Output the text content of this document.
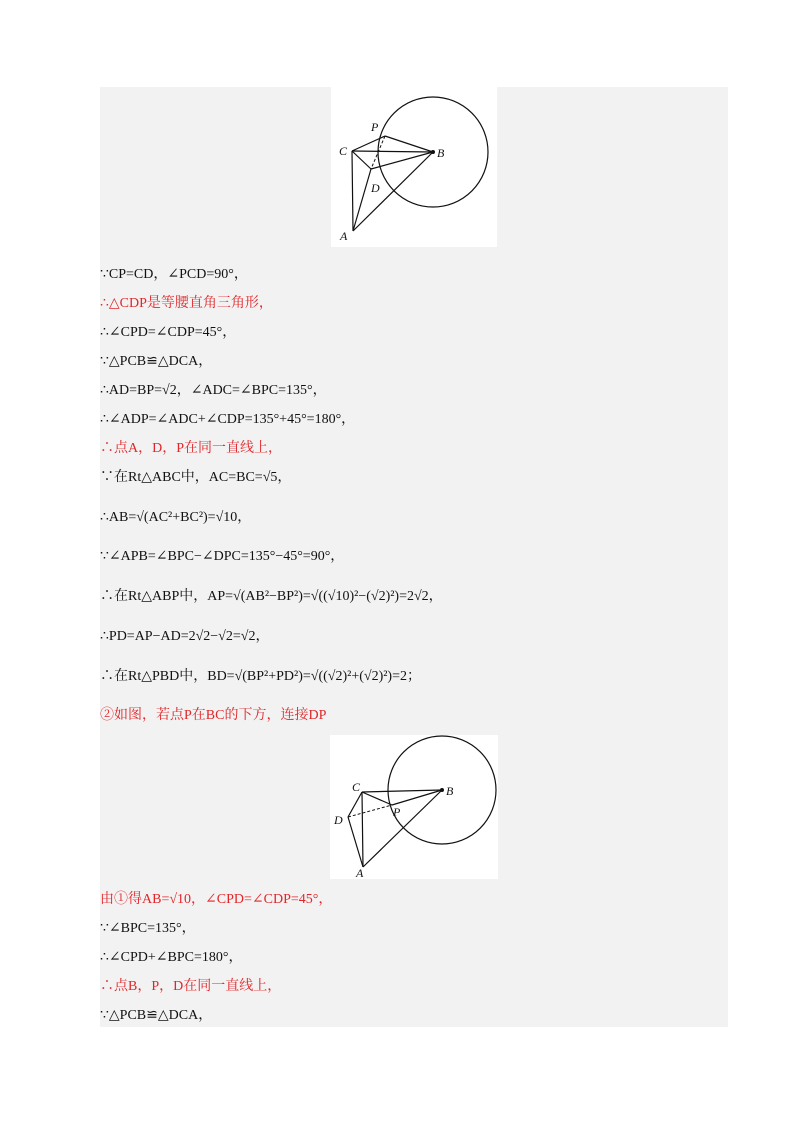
P
C	B
D
A
C	B
D
P
A
∵CP=CD，∠PCD=90°，
∴△CDP是等腰直角三角形，
∴∠CPD=∠CDP=45°，
∵△PCB≌△DCA，
∴AD=BP=√2，∠ADC=∠BPC=135°，
∴∠ADP=∠ADC+∠CDP=135°+45°=180°，
∴点A，D，P在同一直线上，
∵在Rt△ABC中，AC=BC=√5，
∴AB=√(AC²+BC²)=√10，
∵∠APB=∠BPC−∠DPC=135°−45°=90°，
∴在Rt△ABP中，AP=√(AB²−BP²)=√((√10)²−(√2)²)=2√2，
∴PD=AP−AD=2√2−√2=√2，
∴在Rt△PBD中，BD=√(BP²+PD²)=√((√2)²+(√2)²)=2；
②如图，若点P在BC的下方，连接DP
由①得AB=√10，∠CPD=∠CDP=45°，
∵∠BPC=135°，
∴∠CPD+∠BPC=180°，
∴点B，P，D在同一直线上，
∵△PCB≌△DCA，
